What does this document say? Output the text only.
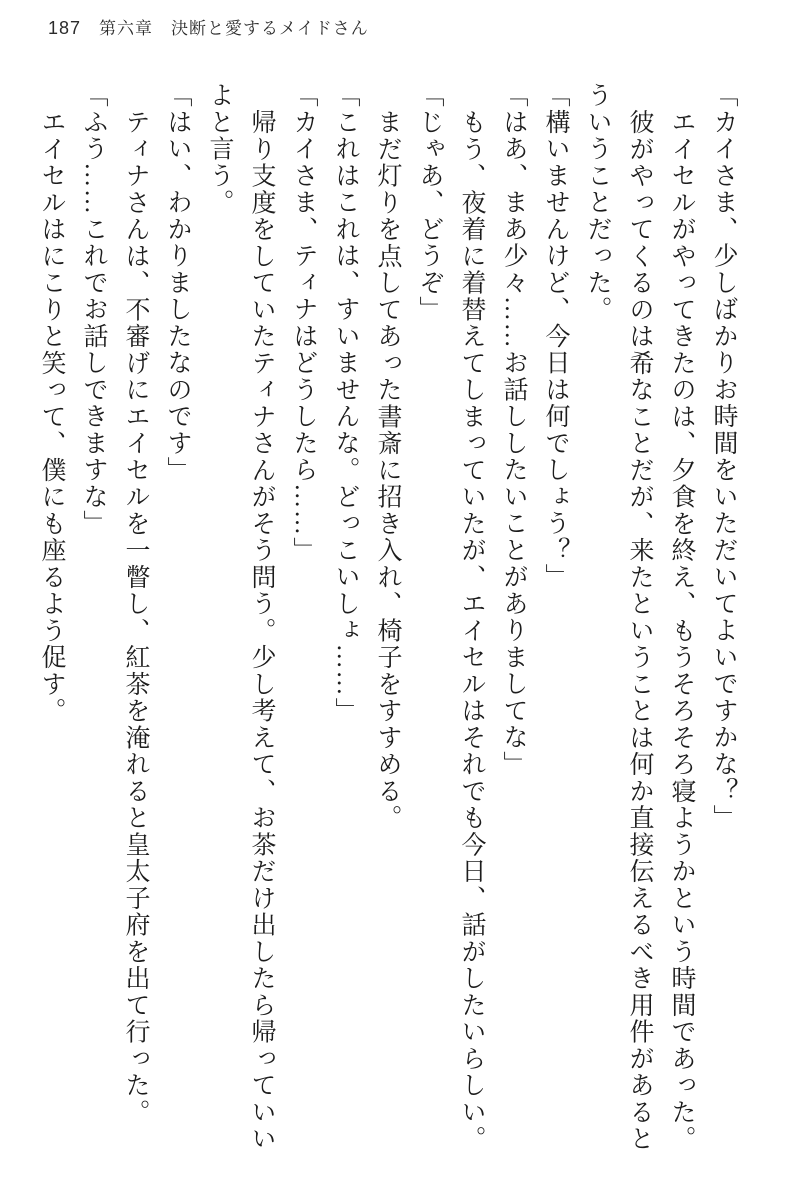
187 第六章　決断と愛するメイドさん
「カイさま、少しばかりお時間をいただいてよいですかな？」
エイセルがやってきたのは、夕食を終え、もうそろそろ寝ようかという時間であった。
彼がやってくるのは希なことだが、来たということは何か直接伝えるべき用件があると
ういうことだった。
「構いませんけど、今日は何でしょう？」
「はあ、まあ少々……お話ししたいことがありましてな」
もう、夜着に着替えてしまっていたが、エイセルはそれでも今日、話がしたいらしい。
「じゃあ、どうぞ」
まだ灯りを点してあった書斎に招き入れ、椅子をすすめる。
「これはこれは、すいませんな。どっこいしょ……」
「カイさま、ティナはどうしたら……」
帰り支度をしていたティナさんがそう問う。少し考えて、お茶だけ出したら帰っていい
よと言う。
「はい、わかりましたなのです」
ティナさんは、不審げにエイセルを一瞥し、紅茶を淹れると皇太子府を出て行った。
「ふう……これでお話しできますな」
エイセルはにこりと笑って、僕にも座るよう促す。
